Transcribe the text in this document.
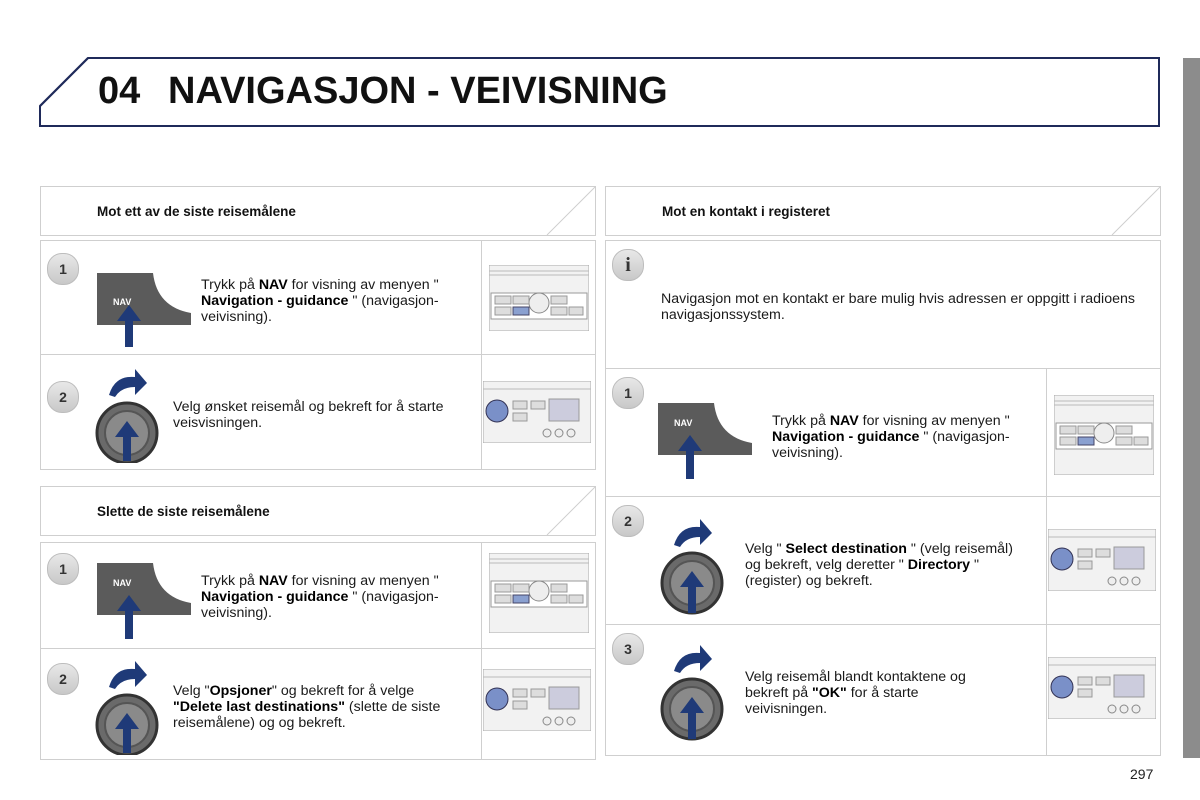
04 NAVIGASJON - VEIVISNING
Mot ett av de siste reisemålene
1
NAV
Trykk på NAV for visning av menyen " Navigation - guidance " (navigasjon-veivisning).
2
Velg ønsket reisemål og bekreft for å starte veisvisningen.
Slette de siste reisemålene
1
NAV	Trykk på NAV for visning av menyen " Navigation - guidance " (navigasjon-veivisning).
2
Velg "Opsjoner" og bekreft for å velge "Delete last destinations" (slette de siste reisemålene) og og bekreft.
Mot en kontakt i registeret
i
Navigasjon mot en kontakt er bare mulig hvis adressen er oppgitt i radioens navigasjonssystem.
1
NAV	Trykk på NAV for visning av menyen " Navigation - guidance " (navigasjon-veivisning).
2
Velg " Select destination " (velg reisemål) og bekreft, velg deretter " Directory " (register) og bekreft.
3
Velg reisemål blandt kontaktene og bekreft på "OK" for å starte veivisningen.
297
